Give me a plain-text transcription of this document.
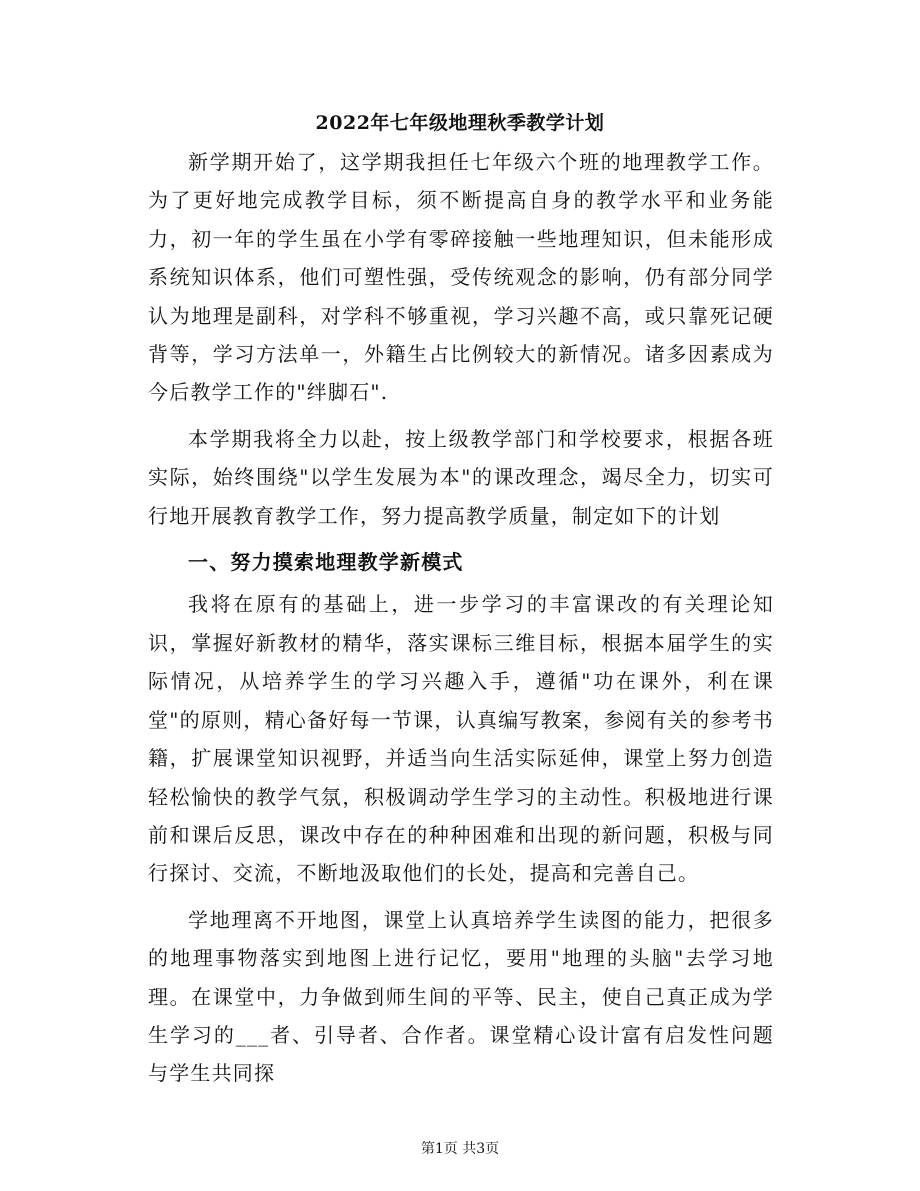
2022年七年级地理秋季教学计划

新学期开始了，这学期我担任七年级六个班的地理教学工作。为了更好地完成教学目标，须不断提高自身的教学水平和业务能力，初一年的学生虽在小学有零碎接触一些地理知识，但未能形成系统知识体系，他们可塑性强，受传统观念的影响，仍有部分同学认为地理是副科，对学科不够重视，学习兴趣不高，或只靠死记硬背等，学习方法单一，外籍生占比例较大的新情况。诸多因素成为今后教学工作的"绊脚石".

本学期我将全力以赴，按上级教学部门和学校要求，根据各班实际，始终围绕"以学生发展为本"的课改理念，竭尽全力，切实可行地开展教育教学工作，努力提高教学质量，制定如下的计划

一、努力摸索地理教学新模式

我将在原有的基础上，进一步学习的丰富课改的有关理论知识，掌握好新教材的精华，落实课标三维目标，根据本届学生的实际情况，从培养学生的学习兴趣入手，遵循"功在课外，利在课堂"的原则，精心备好每一节课，认真编写教案，参阅有关的参考书籍，扩展课堂知识视野，并适当向生活实际延伸，课堂上努力创造轻松愉快的教学气氛，积极调动学生学习的主动性。积极地进行课前和课后反思，课改中存在的种种困难和出现的新问题，积极与同行探讨、交流，不断地汲取他们的长处，提高和完善自己。

学地理离不开地图，课堂上认真培养学生读图的能力，把很多的地理事物落实到地图上进行记忆，要用"地理的头脑"去学习地理。在课堂中，力争做到师生间的平等、民主，使自己真正成为学生学习的___者、引导者、合作者。课堂精心设计富有启发性问题与学生共同探

第1页 共3页
